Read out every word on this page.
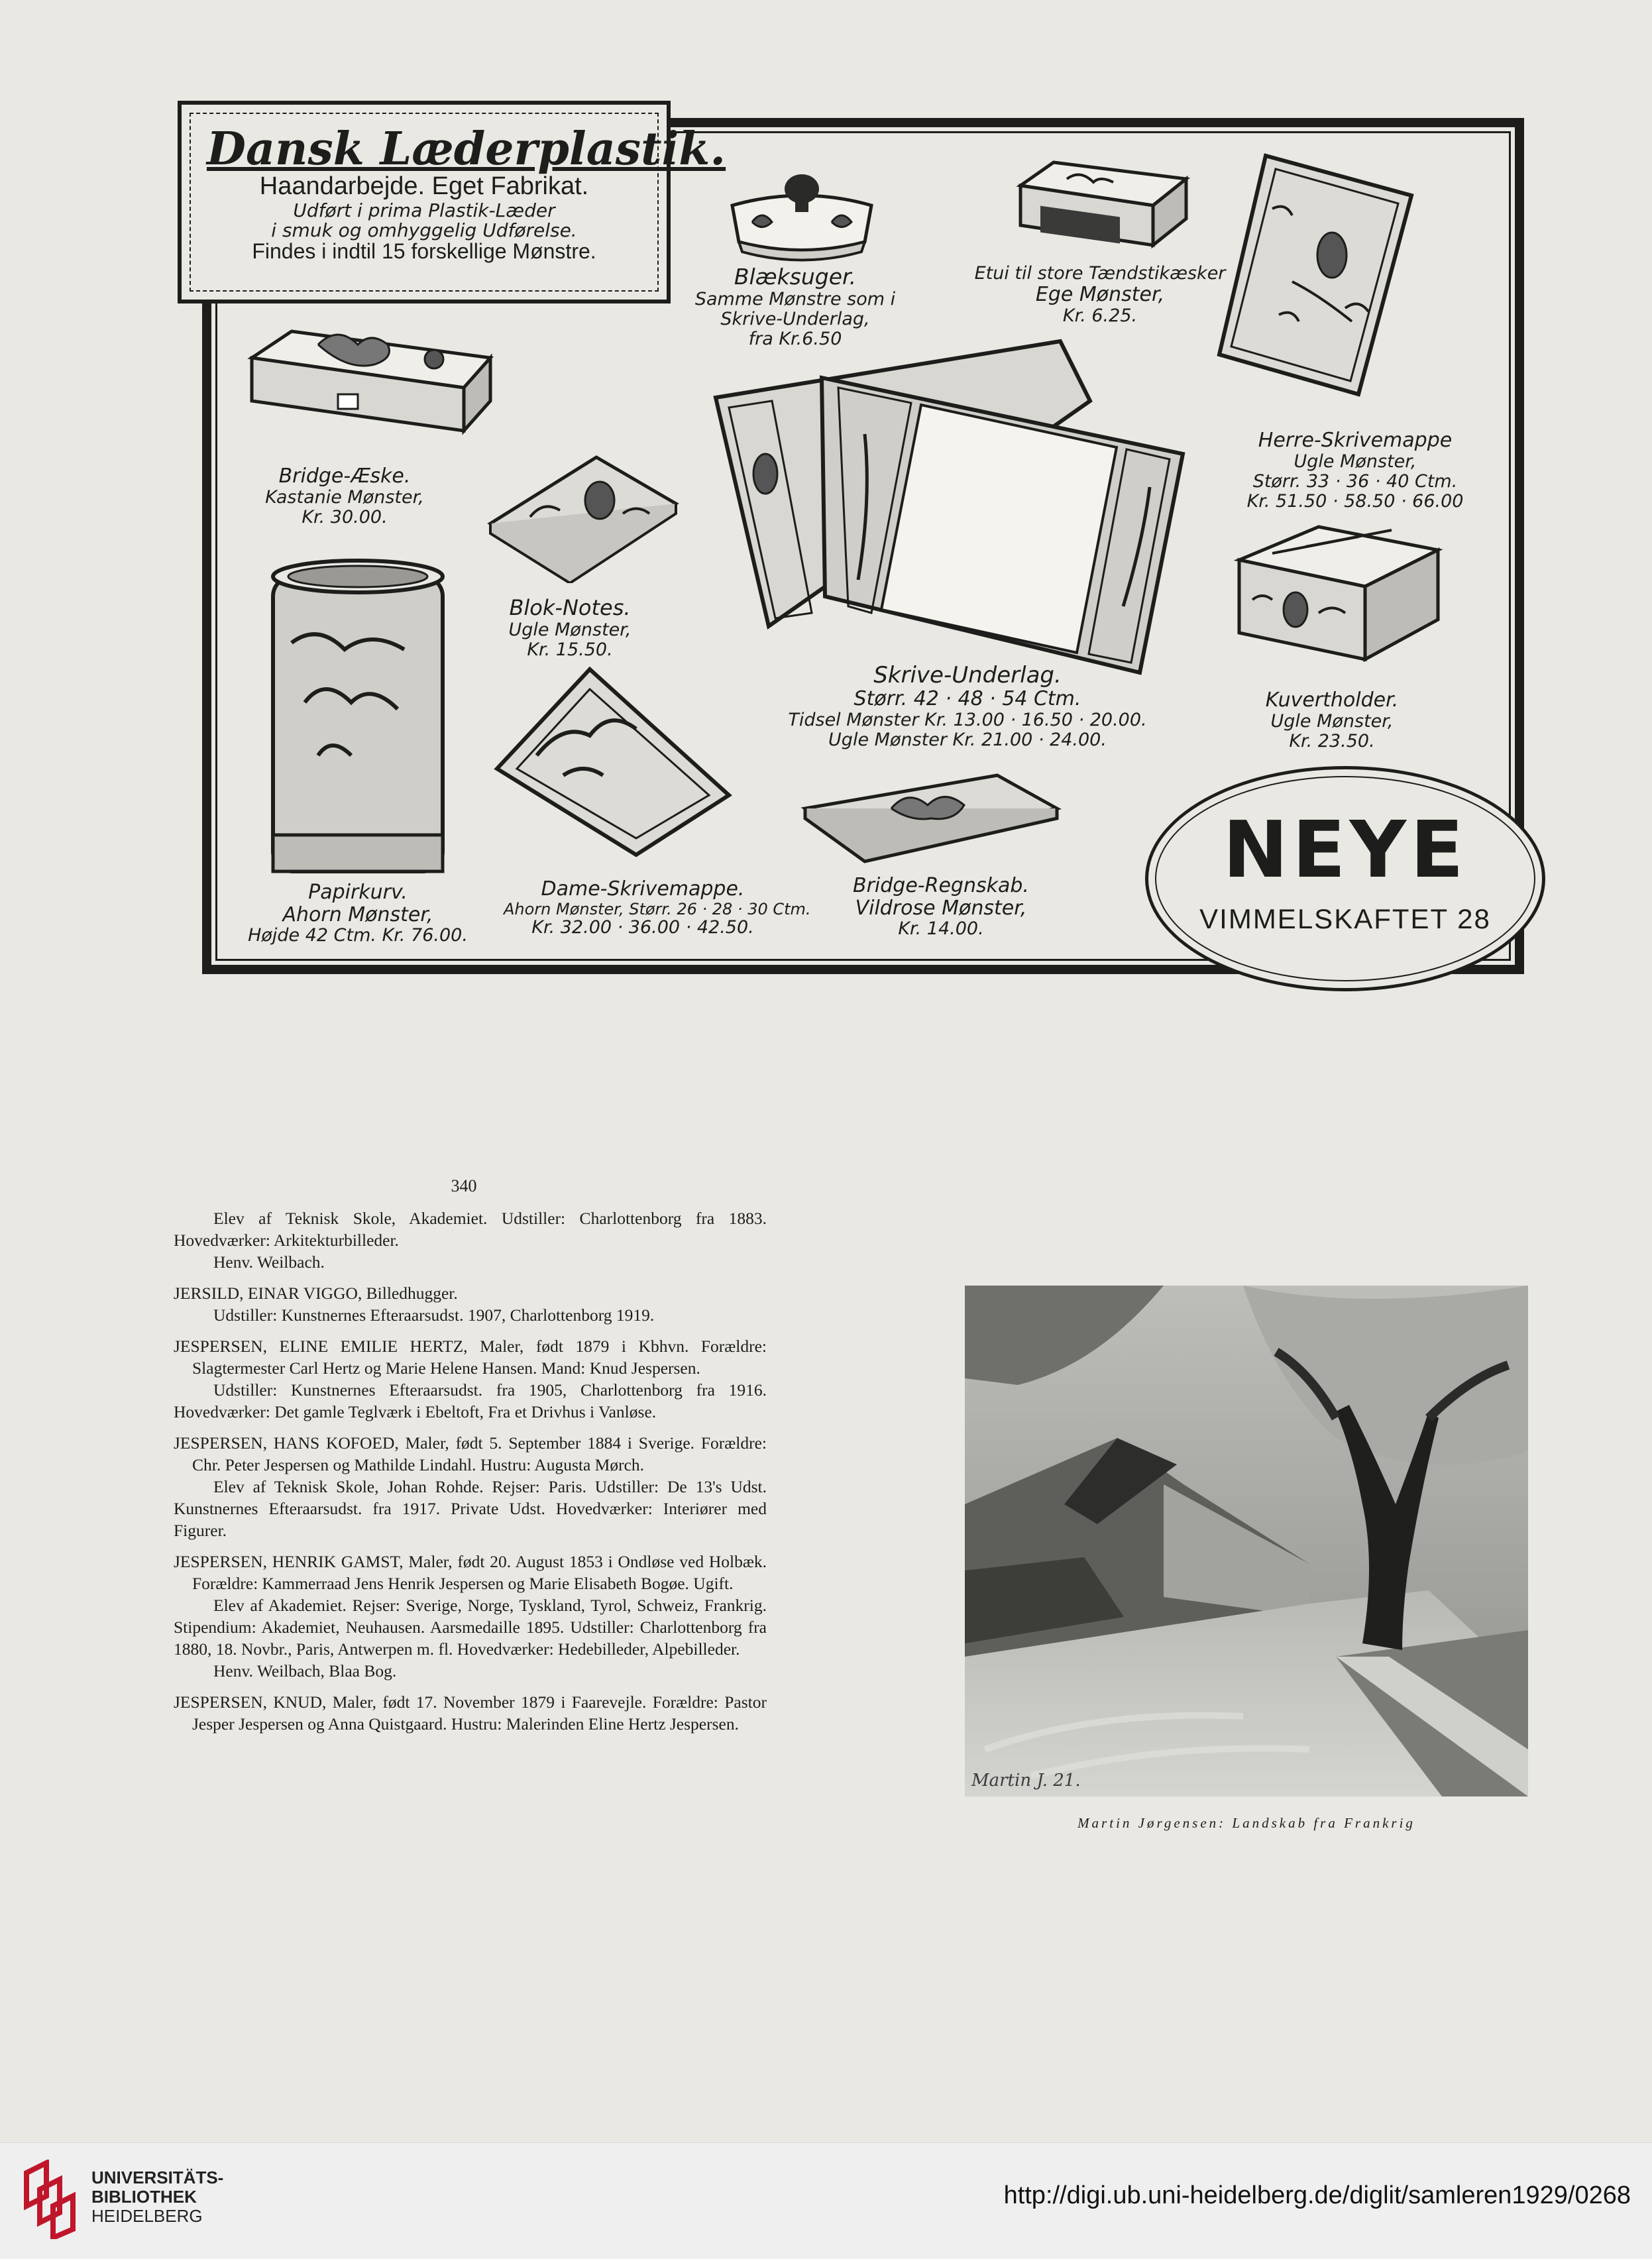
Dansk Læderplastik.
Haandarbejde. Eget Fabrikat.
Udført i prima Plastik-Læder
i smuk og omhyggelig Udførelse.
Findes i indtil 15 forskellige Mønstre.
Blæksuger.
Samme Mønstre som i
Skrive-Underlag,
fra Kr.6.50
Etui til store Tændstikæsker
Ege Mønster,
Kr. 6.25.
Herre-Skrivemappe
Ugle Mønster,
Størr. 33 · 36 · 40 Ctm.
Kr. 51.50 · 58.50 · 66.00
Bridge-Æske.
Kastanie Mønster,
Kr. 30.00.
Blok-Notes.
Ugle Mønster,
Kr. 15.50.
Skrive-Underlag.
Størr. 42 · 48 · 54 Ctm.
Tidsel Mønster Kr. 13.00 · 16.50 · 20.00.
Ugle Mønster Kr. 21.00 · 24.00.
Kuvertholder.
Ugle Mønster,
Kr. 23.50.
Papirkurv.
Ahorn Mønster,
Højde 42 Ctm. Kr. 76.00.
Dame-Skrivemappe.
Ahorn Mønster, Størr. 26 · 28 · 30 Ctm.
Kr. 32.00 · 36.00 · 42.50.
Bridge-Regnskab.
Vildrose Mønster,
Kr. 14.00.
NEYE
VIMMELSKAFTET 28
340

Elev af Teknisk Skole, Akademiet. Udstiller: Charlottenborg fra 1883. Hovedværker: Arkitekturbilleder.

Henv. Weilbach.

JERSILD, EINAR VIGGO, Billedhugger.

Udstiller: Kunstnernes Efteraarsudst. 1907, Charlottenborg 1919.

JESPERSEN, ELINE EMILIE HERTZ, Maler, født 1879 i Kbhvn. Forældre: Slagtermester Carl Hertz og Marie Helene Hansen. Mand: Knud Jespersen.

Udstiller: Kunstnernes Efteraarsudst. fra 1905, Charlottenborg fra 1916. Hovedværker: Det gamle Teglværk i Ebeltoft, Fra et Drivhus i Vanløse.

JESPERSEN, HANS KOFOED, Maler, født 5. September 1884 i Sverige. Forældre: Chr. Peter Jespersen og Mathilde Lindahl. Hustru: Augusta Mørch.

Elev af Teknisk Skole, Johan Rohde. Rejser: Paris. Udstiller: De 13's Udst. Kunstnernes Efteraarsudst. fra 1917. Private Udst. Hovedværker: Interiører med Figurer.

JESPERSEN, HENRIK GAMST, Maler, født 20. August 1853 i Ondløse ved Holbæk. Forældre: Kammerraad Jens Henrik Jespersen og Marie Elisabeth Bogøe. Ugift.

Elev af Akademiet. Rejser: Sverige, Norge, Tyskland, Tyrol, Schweiz, Frankrig. Stipendium: Akademiet, Neuhausen. Aarsmedaille 1895. Udstiller: Charlottenborg fra 1880, 18. Novbr., Paris, Antwerpen m. fl. Hovedværker: Hedebilleder, Alpebilleder.

Henv. Weilbach, Blaa Bog.

JESPERSEN, KNUD, Maler, født 17. November 1879 i Faarevejle. Forældre: Pastor Jesper Jespersen og Anna Quistgaard. Hustru: Malerinden Eline Hertz Jespersen.

Martin J. 21.
Martin Jørgensen: Landskab fra Frankrig
UNIVERSITÄTS-
BIBLIOTHEK
HEIDELBERG
http://digi.ub.uni-heidelberg.de/diglit/samleren1929/0268
